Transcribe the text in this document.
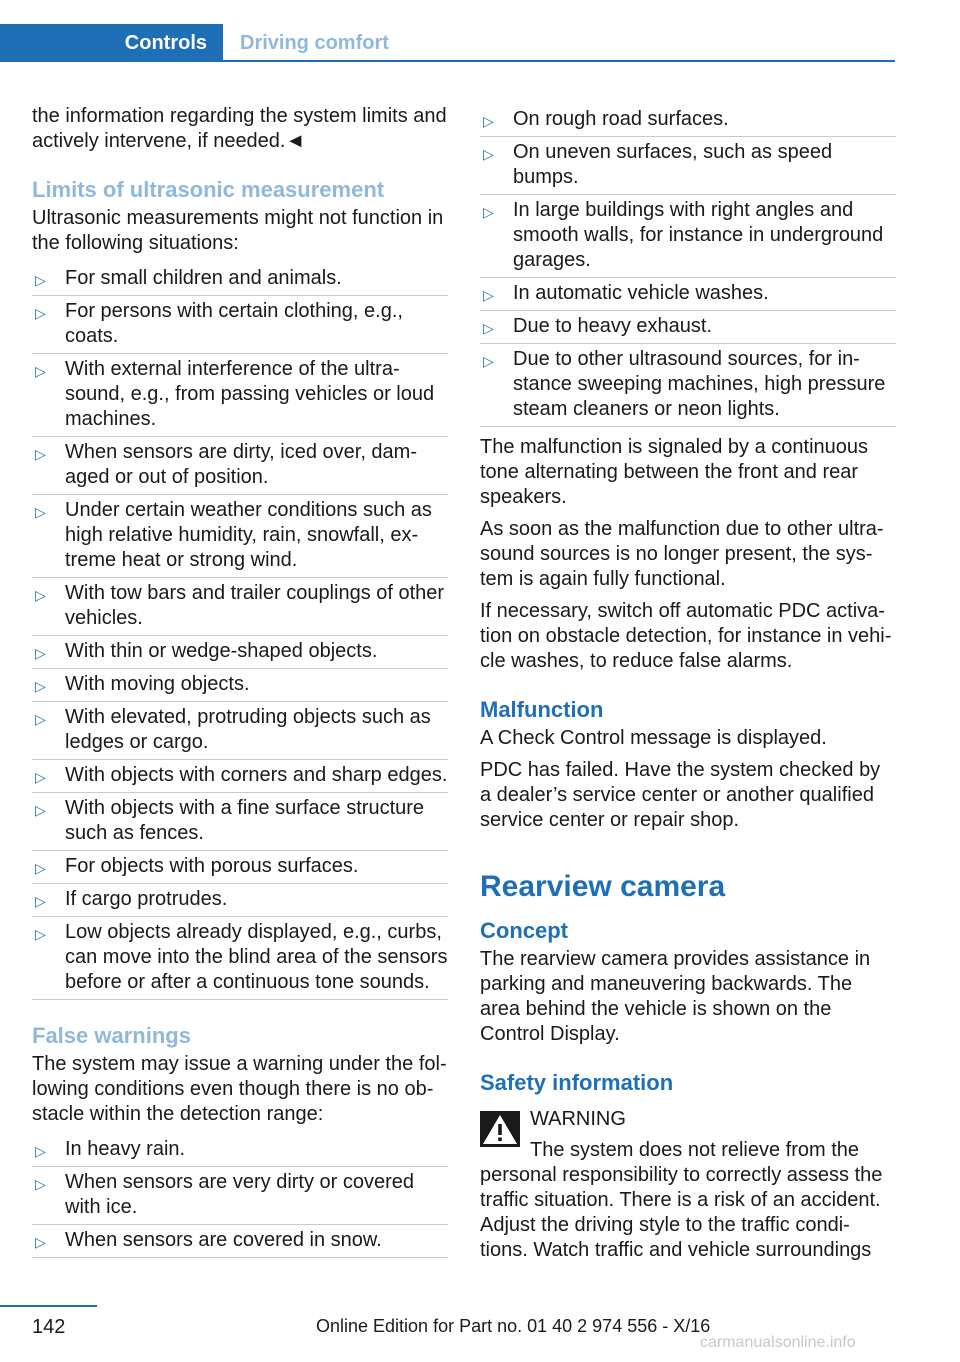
Controls	Driving comfort

the information regarding the system limits and actively intervene, if needed.◄

Limits of ultrasonic measurement

Ultrasonic measurements might not function in the following situations:

▷ For small children and animals.
▷ For persons with certain clothing, e.g., coats.
▷ With external interference of the ultra‐sound, e.g., from passing vehicles or loud machines.
▷ When sensors are dirty, iced over, dam‐aged or out of position.
▷ Under certain weather conditions such as high relative humidity, rain, snowfall, ex‐treme heat or strong wind.
▷ With tow bars and trailer couplings of other vehicles.
▷ With thin or wedge-shaped objects.
▷ With moving objects.
▷ With elevated, protruding objects such as ledges or cargo.
▷ With objects with corners and sharp edges.
▷ With objects with a fine surface structure such as fences.
▷ For objects with porous surfaces.
▷ If cargo protrudes.
▷ Low objects already displayed, e.g., curbs, can move into the blind area of the sensors before or after a continuous tone sounds.
False warnings

The system may issue a warning under the fol‐lowing conditions even though there is no ob‐stacle within the detection range:

▷ In heavy rain.
▷ When sensors are very dirty or covered with ice.
▷ When sensors are covered in snow.
▷ On rough road surfaces.
▷ On uneven surfaces, such as speed bumps.
▷ In large buildings with right angles and smooth walls, for instance in underground garages.
▷ In automatic vehicle washes.
▷ Due to heavy exhaust.
▷ Due to other ultrasound sources, for in‐stance sweeping machines, high pressure steam cleaners or neon lights.

The malfunction is signaled by a continuous tone alternating between the front and rear speakers.

As soon as the malfunction due to other ultra‐sound sources is no longer present, the sys‐tem is again fully functional.

If necessary, switch off automatic PDC activa‐tion on obstacle detection, for instance in vehi‐cle washes, to reduce false alarms.

Malfunction

A Check Control message is displayed.

PDC has failed. Have the system checked by a dealer’s service center or another qualified service center or repair shop.

Rearview camera
Concept

The rearview camera provides assistance in parking and maneuvering backwards. The area behind the vehicle is shown on the Control Display.

Safety information
WARNING

The system does not relieve from the personal responsibility to correctly assess the traffic situation. There is a risk of an accident. Adjust the driving style to the traffic condi‐tions. Watch traffic and vehicle surroundings

142	Online Edition for Part no. 01 40 2 974 556 - X/16
carmanualsonline.info
